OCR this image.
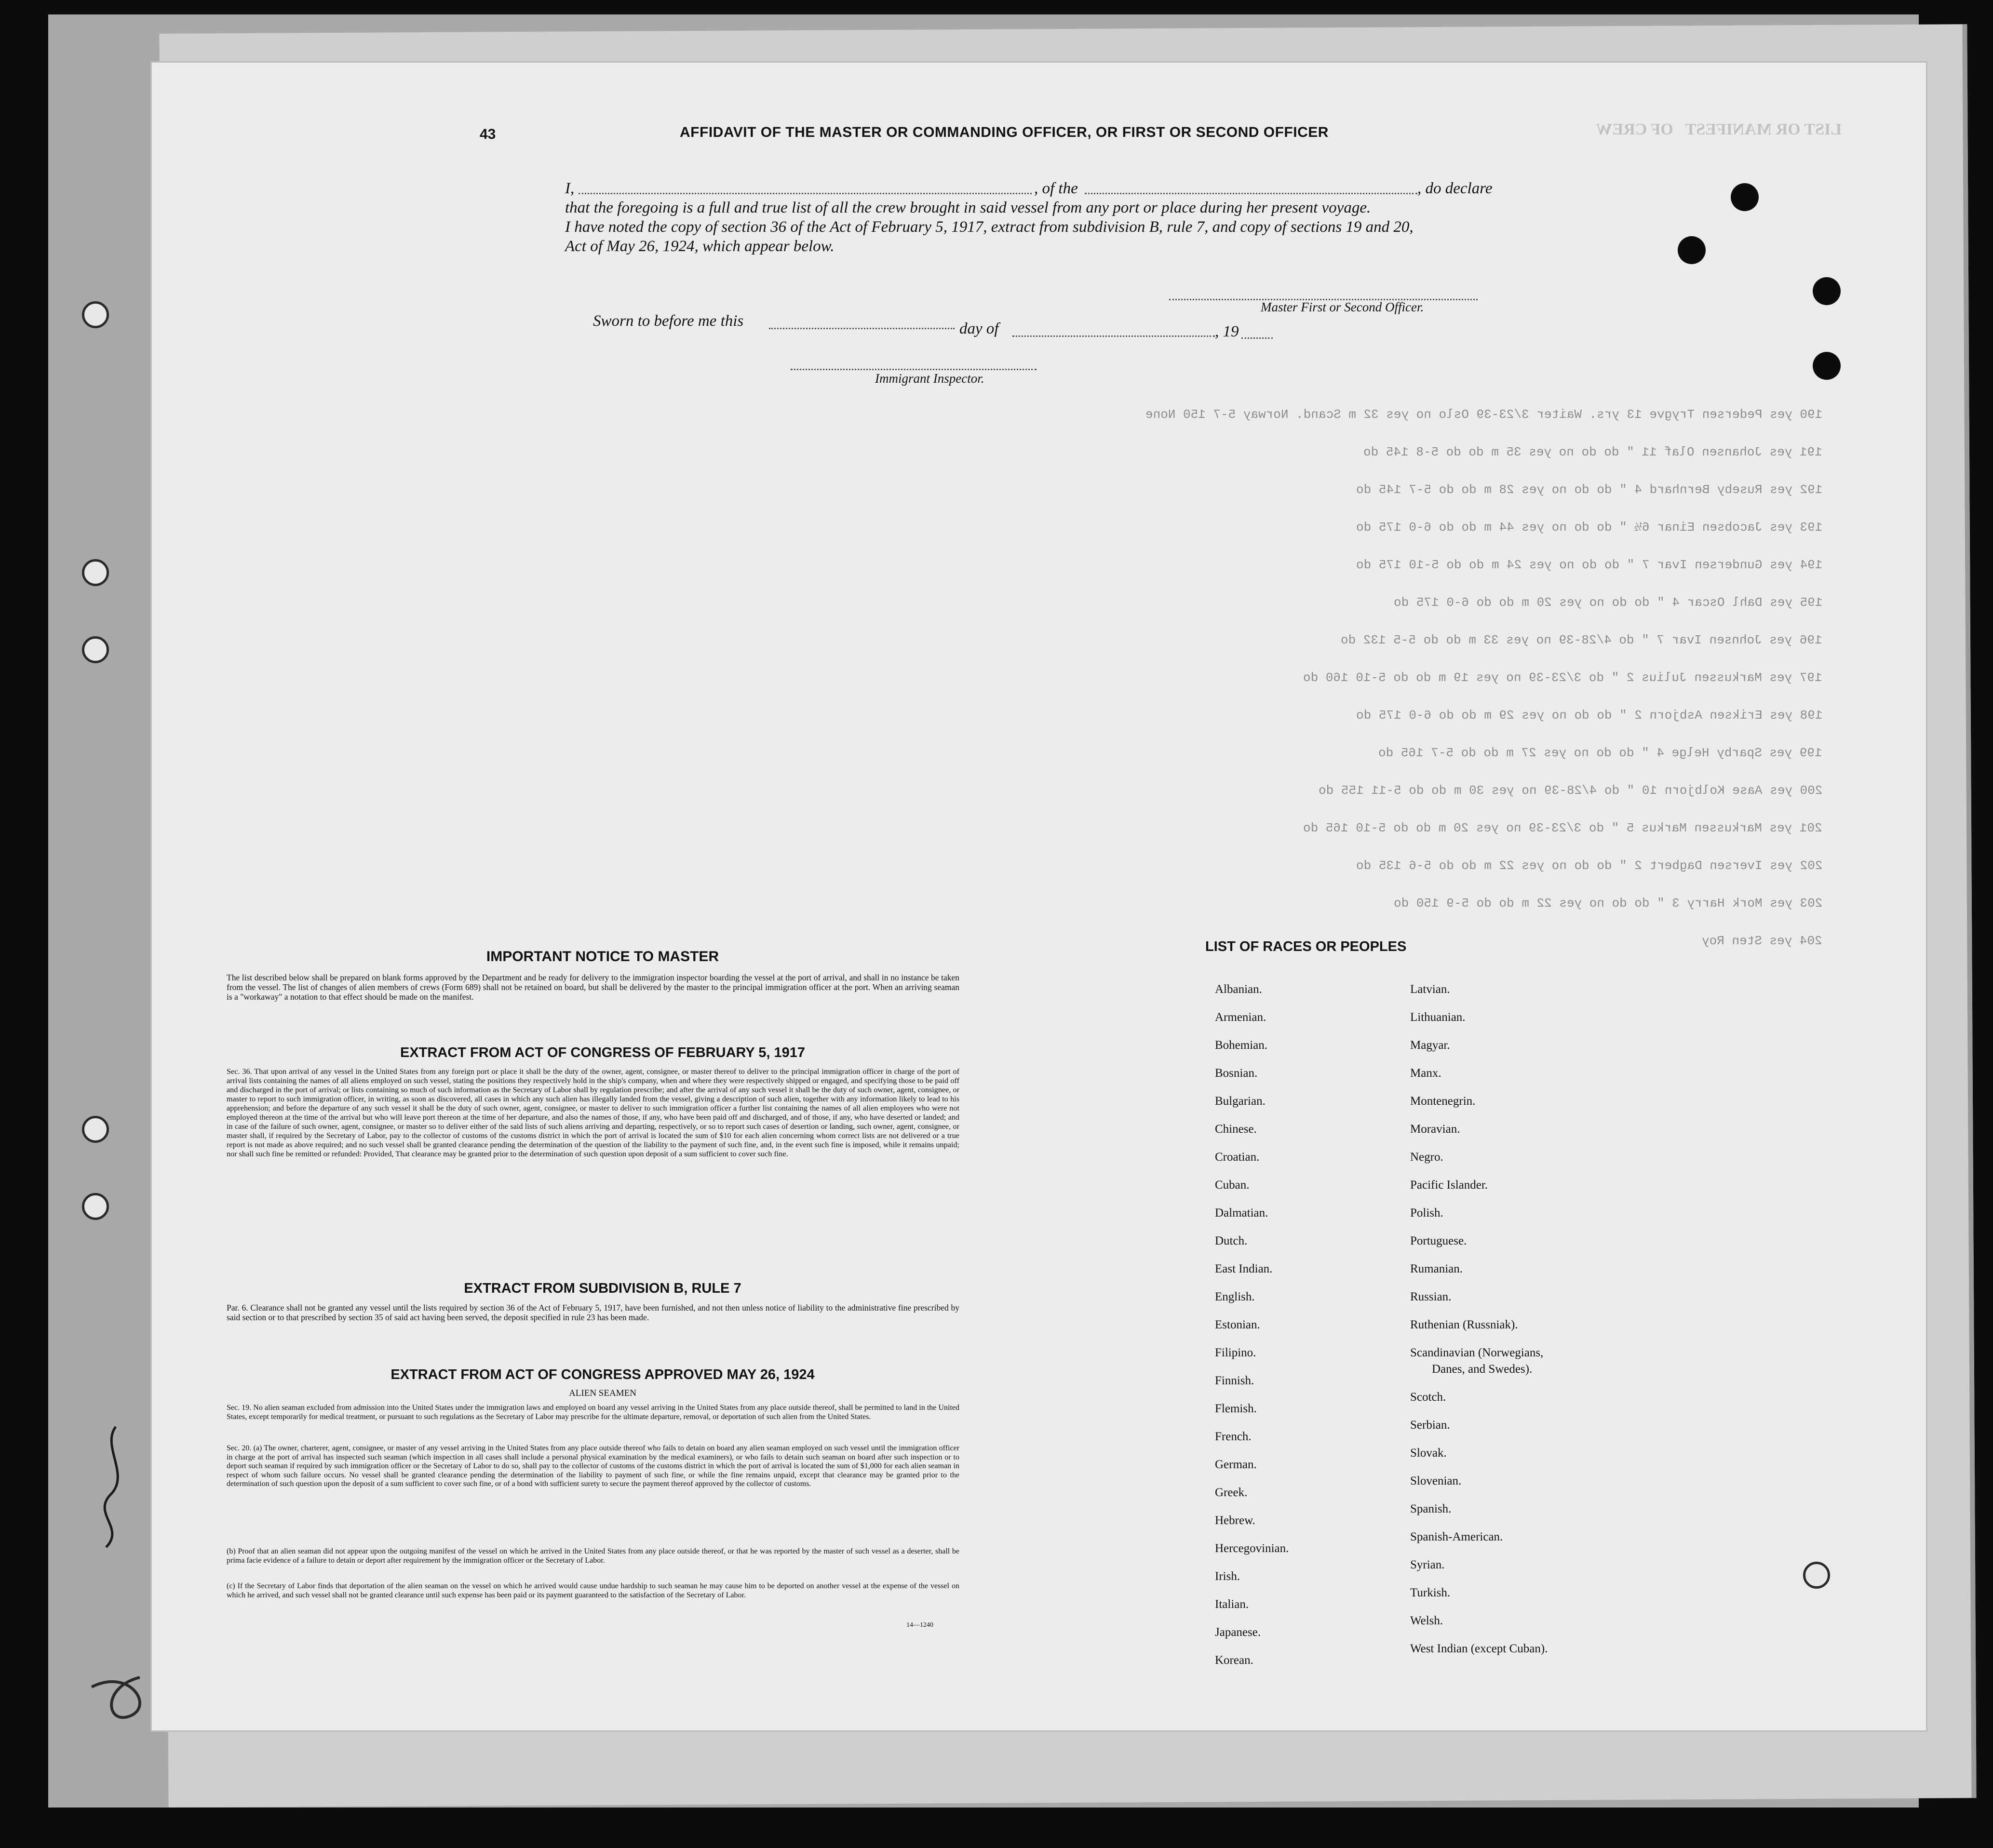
LIST OR MANIFEST   OF CREW
43	AFFIDAVIT OF THE MASTER OR COMMANDING OFFICER, OR FIRST OR SECOND OFFICER
I,	, of the	, do declare
that the foregoing is a full and true list of all the crew brought in said vessel from any port or place during her present voyage.
I have noted the copy of section 36 of the Act of February 5, 1917, extract from subdivision B, rule 7, and copy of sections 19 and 20,
Act of May 26, 1924, which appear below.
Master First or Second Officer.
Sworn to before me this	day of	, 19
Immigrant Inspector.
190 yes Pedersen Trygve 13 yrs. Waiter 3/23-39 Oslo no yes 32 m Scand. Norway 5-7 150 None
191 yes Johansen Olaf 11 " do do no yes 35 m do do 5-8 145 do
192 yes Ruseby Bernhard 4 " do do no yes 28 m do do 5-7 145 do
193 yes Jacobsen Einar 6½ " do do no yes 44 m do do 6-0 175 do
194 yes Gundersen Ivar 7 " do do no yes 24 m do do 5-10 175 do
195 yes Dahl Oscar 4 " do do no yes 20 m do do 6-0 175 do
196 yes Johnsen Ivar 7 " do 4/28-39 no yes 33 m do do 5-5 132 do
197 yes Markussen Julius 2 " do 3/23-39 no yes 19 m do do 5-10 160 do
198 yes Eriksen Asbjorn 2 " do do no yes 29 m do do 6-0 175 do
199 yes Sparby Helge 4 " do do no yes 27 m do do 5-7 165 do
200 yes Aase Kolbjorn 10 " do 4/28-39 no yes 30 m do do 5-11 155 do
201 yes Markussen Markus 5 " do 3/23-39 no yes 20 m do do 5-10 165 do
202 yes Iversen Dagbert 2 " do do no yes 22 m do do 5-6 135 do
203 yes Mork Harry 3 " do do no yes 22 m do do 5-9 150 do
204 yes Sten Roy
IMPORTANT NOTICE TO MASTER
The list described below shall be prepared on blank forms approved by the Department and be ready for delivery to the immigration inspector boarding the vessel at the port of arrival, and shall in no instance be taken from the vessel. The list of changes of alien members of crews (Form 689) shall not be retained on board, but shall be delivered by the master to the principal immigration officer at the port. When an arriving seaman is a "workaway" a notation to that effect should be made on the manifest.
EXTRACT FROM ACT OF CONGRESS OF FEBRUARY 5, 1917
Sec. 36. That upon arrival of any vessel in the United States from any foreign port or place it shall be the duty of the owner, agent, consignee, or master thereof to deliver to the principal immigration officer in charge of the port of arrival lists containing the names of all aliens employed on such vessel, stating the positions they respectively hold in the ship's company, when and where they were respectively shipped or engaged, and specifying those to be paid off and discharged in the port of arrival; or lists containing so much of such information as the Secretary of Labor shall by regulation prescribe; and after the arrival of any such vessel it shall be the duty of such owner, agent, consignee, or master to report to such immigration officer, in writing, as soon as discovered, all cases in which any such alien has illegally landed from the vessel, giving a description of such alien, together with any information likely to lead to his apprehension; and before the departure of any such vessel it shall be the duty of such owner, agent, consignee, or master to deliver to such immigration officer a further list containing the names of all alien employees who were not employed thereon at the time of the arrival but who will leave port thereon at the time of her departure, and also the names of those, if any, who have been paid off and discharged, and of those, if any, who have deserted or landed; and in case of the failure of such owner, agent, consignee, or master so to deliver either of the said lists of such aliens arriving and departing, respectively, or so to report such cases of desertion or landing, such owner, agent, consignee, or master shall, if required by the Secretary of Labor, pay to the collector of customs of the customs district in which the port of arrival is located the sum of $10 for each alien concerning whom correct lists are not delivered or a true report is not made as above required; and no such vessel shall be granted clearance pending the determination of the question of the liability to the payment of such fine, and, in the event such fine is imposed, while it remains unpaid; nor shall such fine be remitted or refunded: Provided, That clearance may be granted prior to the determination of such question upon deposit of a sum sufficient to cover such fine.
EXTRACT FROM SUBDIVISION B, RULE 7
Par. 6. Clearance shall not be granted any vessel until the lists required by section 36 of the Act of February 5, 1917, have been furnished, and not then unless notice of liability to the administrative fine prescribed by said section or to that prescribed by section 35 of said act having been served, the deposit specified in rule 23 has been made.
EXTRACT FROM ACT OF CONGRESS APPROVED MAY 26, 1924
ALIEN SEAMEN
Sec. 19. No alien seaman excluded from admission into the United States under the immigration laws and employed on board any vessel arriving in the United States from any place outside thereof, shall be permitted to land in the United States, except temporarily for medical treatment, or pursuant to such regulations as the Secretary of Labor may prescribe for the ultimate departure, removal, or deportation of such alien from the United States.
Sec. 20. (a) The owner, charterer, agent, consignee, or master of any vessel arriving in the United States from any place outside thereof who fails to detain on board any alien seaman employed on such vessel until the immigration officer in charge at the port of arrival has inspected such seaman (which inspection in all cases shall include a personal physical examination by the medical examiners), or who fails to detain such seaman on board after such inspection or to deport such seaman if required by such immigration officer or the Secretary of Labor to do so, shall pay to the collector of customs of the customs district in which the port of arrival is located the sum of $1,000 for each alien seaman in respect of whom such failure occurs. No vessel shall be granted clearance pending the determination of the liability to payment of such fine, or while the fine remains unpaid, except that clearance may be granted prior to the determination of such question upon the deposit of a sum sufficient to cover such fine, or of a bond with sufficient surety to secure the payment thereof approved by the collector of customs.
(b) Proof that an alien seaman did not appear upon the outgoing manifest of the vessel on which he arrived in the United States from any place outside thereof, or that he was reported by the master of such vessel as a deserter, shall be prima facie evidence of a failure to detain or deport after requirement by the immigration officer or the Secretary of Labor.
(c) If the Secretary of Labor finds that deportation of the alien seaman on the vessel on which he arrived would cause undue hardship to such seaman he may cause him to be deported on another vessel at the expense of the vessel on which he arrived, and such vessel shall not be granted clearance until such expense has been paid or its payment guaranteed to the satisfaction of the Secretary of Labor.
14—1240
LIST OF RACES OR PEOPLES
Albanian.
Armenian.
Bohemian.
Bosnian.
Bulgarian.
Chinese.
Croatian.
Cuban.
Dalmatian.
Dutch.
East Indian.
English.
Estonian.
Filipino.
Finnish.
Flemish.
French.
German.
Greek.
Hebrew.
Hercegovinian.
Irish.
Italian.
Japanese.
Korean.
Latvian.
Lithuanian.
Magyar.
Manx.
Montenegrin.
Moravian.
Negro.
Pacific Islander.
Polish.
Portuguese.
Rumanian.
Russian.
Ruthenian (Russniak).
Scandinavian (Norwegians,
Danes, and Swedes).
Scotch.
Serbian.
Slovak.
Slovenian.
Spanish.
Spanish-American.
Syrian.
Turkish.
Welsh.
West Indian (except Cuban).
